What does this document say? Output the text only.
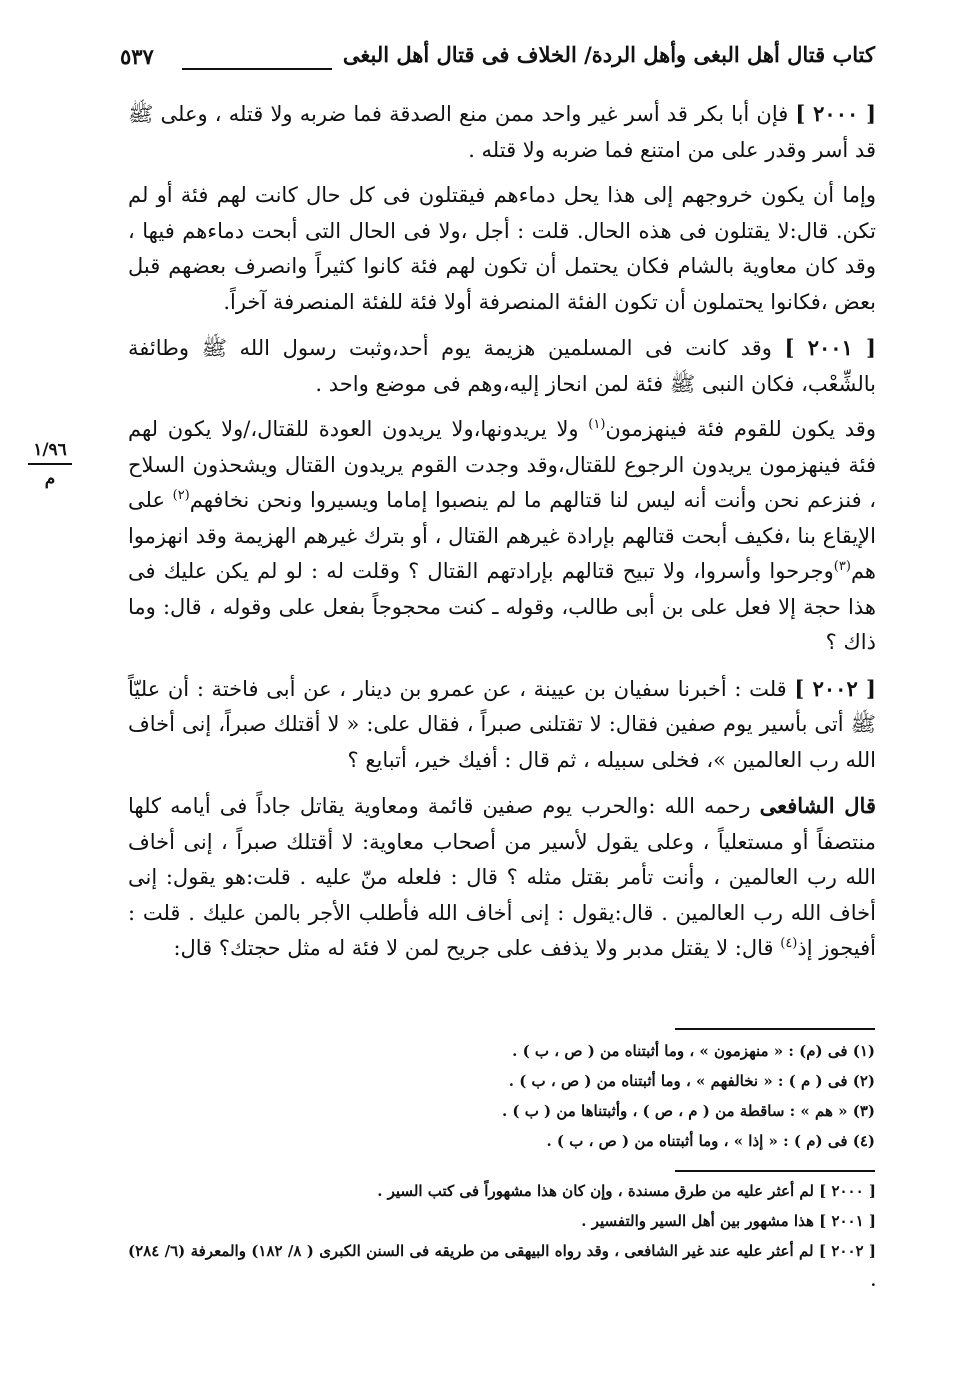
كتاب قتال أهل البغى وأهل الردة/ الخلاف فى قتال أهل البغى
٥٣٧
١/٩٦
م

[ ٢٠٠٠ ] فإن أبا بكر قد أسر غير واحد ممن منع الصدقة فما ضربه ولا قتله ، وعلى ﷺ قد أسر وقدر على من امتنع فما ضربه ولا قتله .

وإما أن يكون خروجهم إلى هذا يحل دماءهم فيقتلون فى كل حال كانت لهم فئة أو لم تكن. قال:لا يقتلون فى هذه الحال. قلت : أجل ،ولا فى الحال التى أبحت دماءهم فيها ، وقد كان معاوية بالشام فكان يحتمل أن تكون لهم فئة كانوا كثيراً وانصرف بعضهم قبل بعض ،فكانوا يحتملون أن تكون الفئة المنصرفة أولا فئة للفئة المنصرفة آخراً.

[ ٢٠٠١ ] وقد كانت فى المسلمين هزيمة يوم أحد،وثبت رسول الله ﷺ وطائفة بالشِّعْب، فكان النبى ﷺ فئة لمن انحاز إليه،وهم فى موضع واحد .

وقد يكون للقوم فئة فينهزمون$^{(١)}$ ولا يريدونها،ولا يريدون العودة للقتال،/ولا يكون لهم فئة فينهزمون يريدون الرجوع للقتال،وقد وجدت القوم يريدون القتال ويشحذون السلاح ، فنزعم نحن وأنت أنه ليس لنا قتالهم ما لم ينصبوا إماما ويسيروا ونحن نخافهم$^{(٢)}$ على الإيقاع بنا ،فكيف أبحت قتالهم بإرادة غيرهم القتال ، أو بترك غيرهم الهزيمة وقد انهزموا هم$^{(٣)}$وجرحوا وأسروا، ولا تبيح قتالهم بإرادتهم القتال ؟ وقلت له : لو لم يكن عليك فى هذا حجة إلا فعل على بن أبى طالب، وقوله ـ كنت محجوجاً بفعل على وقوله ، قال: وما ذاك ؟

[ ٢٠٠٢ ] قلت : أخبرنا سفيان بن عيينة ، عن عمرو بن دينار ، عن أبى فاختة : أن عليّاً ﷺ أتى بأسير يوم صفين فقال: لا تقتلنى صبراً ، فقال على: « لا أقتلك صبراً، إنى أخاف الله رب العالمين »، فخلى سبيله ، ثم قال : أفيك خير، أتبايع ؟

قال الشافعى رحمه الله :والحرب يوم صفين قائمة ومعاوية يقاتل جاداً فى أيامه كلها منتصفاً أو مستعلياً ، وعلى يقول لأسير من أصحاب معاوية: لا أقتلك صبراً ، إنى أخاف الله رب العالمين ، وأنت تأمر بقتل مثله ؟ قال : فلعله منّ عليه . قلت:هو يقول: إنى أخاف الله رب العالمين . قال:يقول : إنى أخاف الله فأطلب الأجر بالمن عليك . قلت : أفيجوز إذ$^{(٤)}$ قال: لا يقتل مدبر ولا يذفف على جريح لمن لا فئة له مثل حجتك؟ قال:

(١) فى (م) : « منهزمون » ، وما أثبتناه من ( ص ، ب ) .
(٢) فى ( م ) : « نخالفهم » ، وما أثبتناه من ( ص ، ب ) .
(٣) « هم » : ساقطة من ( م ، ص ) ، وأثبتناها من ( ب ) .
(٤) فى (م ) : « إذا » ، وما أثبتناه من ( ص ، ب ) .

[ ٢٠٠٠ ] لم أعثر عليه من طرق مسندة ، وإن كان هذا مشهوراً فى كتب السير .

[ ٢٠٠١ ] هذا مشهور بين أهل السير والتفسير .

[ ٢٠٠٢ ] لم أعثر عليه عند غير الشافعى ، وقد رواه البيهقى من طريقه فى السنن الكبرى ( ٨/ ١٨٢) والمعرفة (٦/ ٢٨٤) .
